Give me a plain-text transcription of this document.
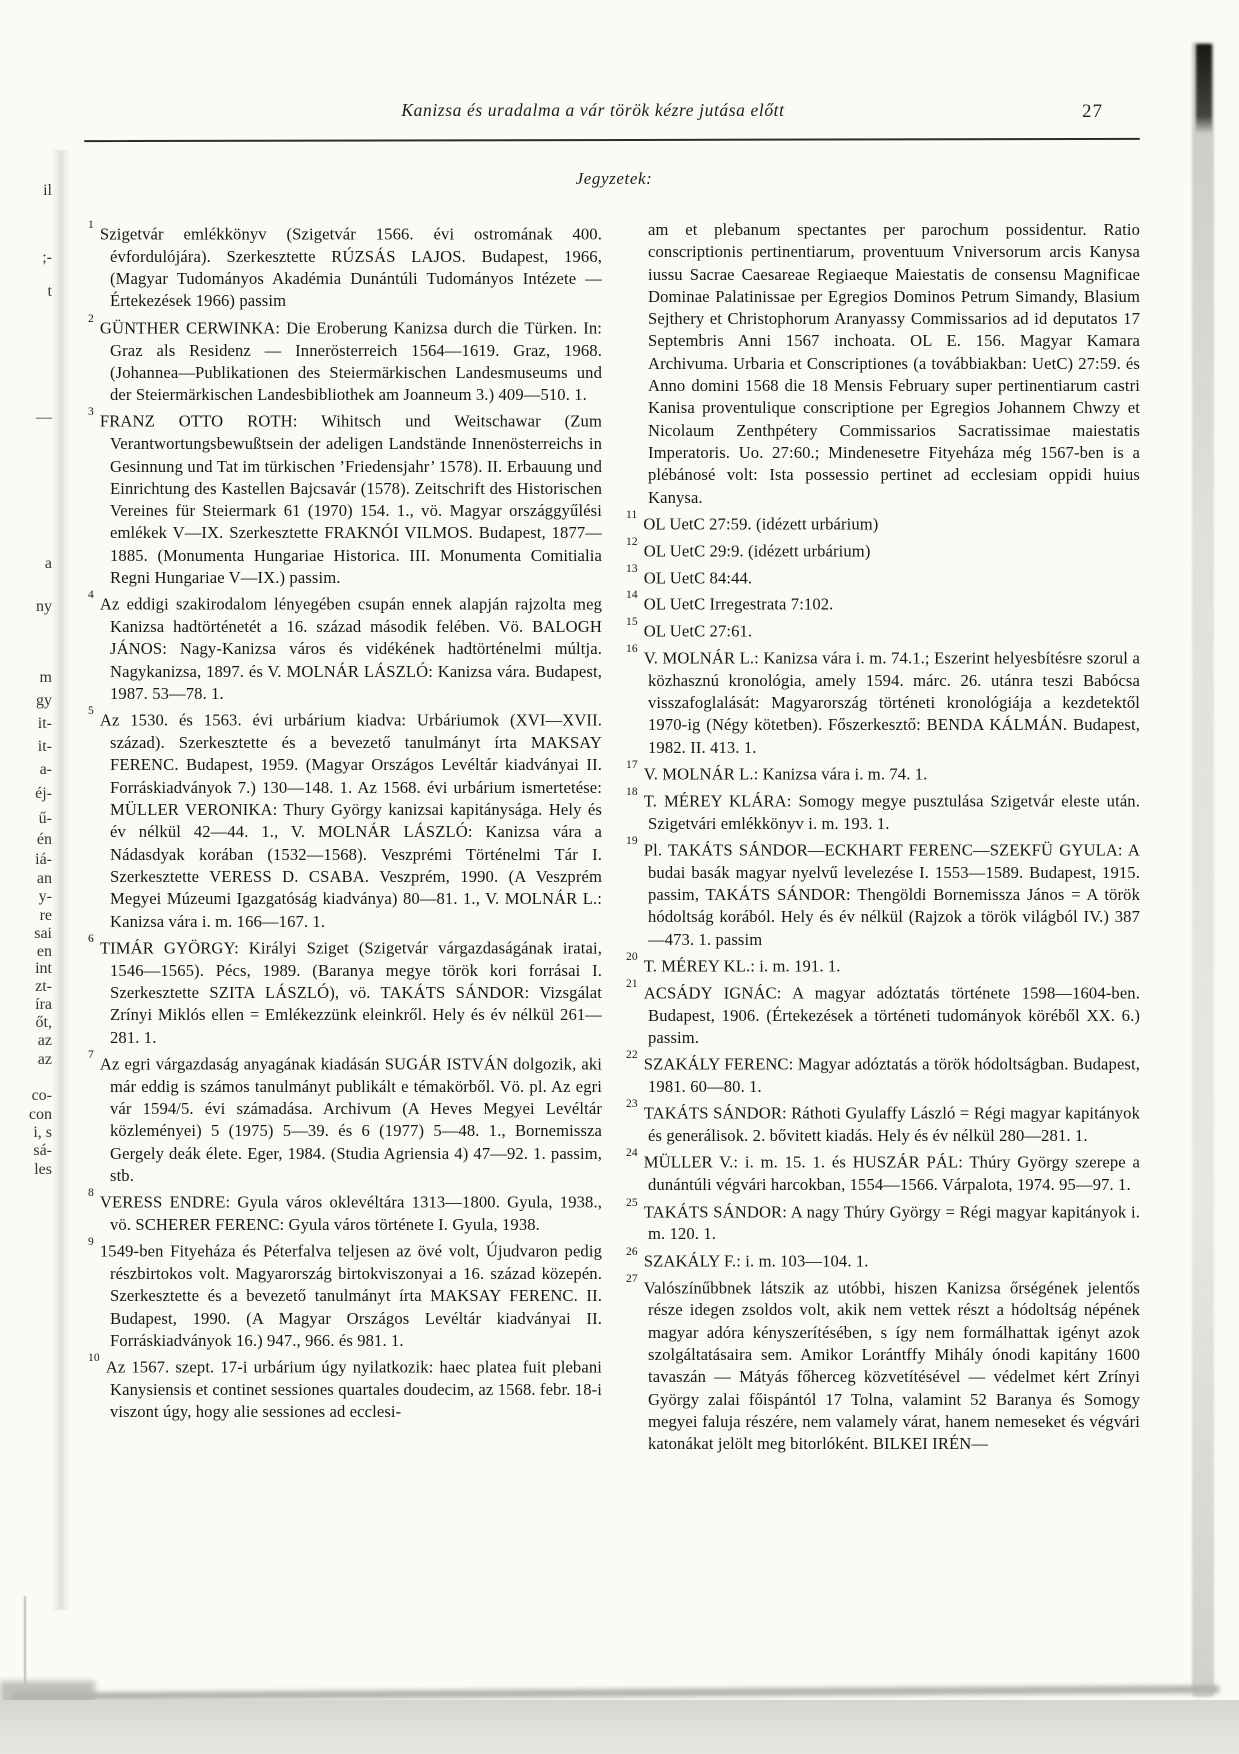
Kanizsa és uradalma a vár török kézre jutása előtt	27
Jegyzetek:

$^1$ Szigetvár emlékkönyv (Szigetvár 1566. évi ostromának 400. évfordulójára). Szerkesztette RÚZSÁS LAJOS. Budapest, 1966, (Magyar Tudományos Akadémia Dunántúli Tudományos Intézete — Értekezések 1966) passim

$^2$ GÜNTHER CERWINKA: Die Eroberung Kanizsa durch die Türken. In: Graz als Residenz — Innerösterreich 1564—1619. Graz, 1968. (Johannea—Publikationen des Steiermärkischen Landesmuseums und der Steiermärkischen Landesbibliothek am Joanneum 3.) 409—510. 1.

$^3$ FRANZ OTTO ROTH: Wihitsch und Weitschawar (Zum Verantwortungsbewußtsein der adeligen Landstände Innenösterreichs in Gesinnung und Tat im türkischen ’Friedensjahr’ 1578). II. Erbauung und Einrichtung des Kastellen Bajcsavár (1578). Zeitschrift des Historischen Vereines für Steiermark 61 (1970) 154. 1., vö. Magyar országgyűlési emlékek V—IX. Szerkesztette FRAKNÓI VILMOS. Budapest, 1877—1885. (Monumenta Hungariae Historica. III. Monumenta Comitialia Regni Hungariae V—IX.) passim.

$^4$ Az eddigi szakirodalom lényegében csupán ennek alapján rajzolta meg Kanizsa hadtörténetét a 16. század második felében. Vö. BALOGH JÁNOS: Nagy-Kanizsa város és vidékének hadtörténelmi múltja. Nagykanizsa, 1897. és V. MOLNÁR LÁSZLÓ: Kanizsa vára. Budapest, 1987. 53—78. 1.

$^5$ Az 1530. és 1563. évi urbárium kiadva: Urbáriumok (XVI—XVII. század). Szerkesztette és a bevezető tanulmányt írta MAKSAY FERENC. Budapest, 1959. (Magyar Országos Levéltár kiadványai II. Forráskiadványok 7.) 130—148. 1. Az 1568. évi urbárium ismertetése: MÜLLER VERONIKA: Thury György kanizsai kapitánysága. Hely és év nélkül 42—44. 1., V. MOLNÁR LÁSZLÓ: Kanizsa vára a Nádasdyak korában (1532—1568). Veszprémi Történelmi Tár I. Szerkesztette VERESS D. CSABA. Veszprém, 1990. (A Veszprém Megyei Múzeumi Igazgatóság kiadványa) 80—81. 1., V. MOLNÁR L.: Kanizsa vára i. m. 166—167. 1.

$^6$ TIMÁR GYÖRGY: Királyi Sziget (Szigetvár várgazdaságának iratai, 1546—1565). Pécs, 1989. (Baranya megye török kori forrásai I. Szerkesztette SZITA LÁSZLÓ), vö. TAKÁTS SÁNDOR: Vizsgálat Zrínyi Miklós ellen = Emlékezzünk eleinkről. Hely és év nélkül 261—281. 1.

$^7$ Az egri várgazdaság anyagának kiadásán SUGÁR ISTVÁN dolgozik, aki már eddig is számos tanulmányt publikált e témakörből. Vö. pl. Az egri vár 1594/5. évi számadása. Archivum (A Heves Megyei Levéltár közleményei) 5 (1975) 5—39. és 6 (1977) 5—48. 1., Bornemissza Gergely deák élete. Eger, 1984. (Studia Agriensia 4) 47—92. 1. passim, stb.

$^8$ VERESS ENDRE: Gyula város oklevéltára 1313—1800. Gyula, 1938., vö. SCHERER FERENC: Gyula város története I. Gyula, 1938.

$^9$ 1549-ben Fityeháza és Péterfalva teljesen az övé volt, Újudvaron pedig részbirtokos volt. Magyarország birtokviszonyai a 16. század közepén. Szerkesztette és a bevezető tanulmányt írta MAKSAY FERENC. II. Budapest, 1990. (A Magyar Országos Levéltár kiadványai II. Forráskiadványok 16.) 947., 966. és 981. 1.

$^{10}$ Az 1567. szept. 17-i urbárium úgy nyilatkozik: haec platea fuit plebani Kanysiensis et continet sessiones quartales doudecim, az 1568. febr. 18-i viszont úgy, hogy alie sessiones ad ecclesi-

am et plebanum spectantes per parochum possidentur. Ratio conscriptionis pertinentiarum, proventuum Vniversorum arcis Kanysa iussu Sacrae Caesareae Regiaeque Maiestatis de consensu Magnificae Dominae Palatinissae per Egregios Dominos Petrum Simandy, Blasium Sejthery et Christophorum Aranyassy Commissarios ad id deputatos 17 Septembris Anni 1567 inchoata. OL E. 156. Magyar Kamara Archivuma. Urbaria et Conscriptiones (a továbbiakban: UetC) 27:59. és Anno domini 1568 die 18 Mensis February super pertinentiarum castri Kanisa proventulique conscriptione per Egregios Johannem Chwzy et Nicolaum Zenthpétery Commissarios Sacratissimae maiestatis Imperatoris. Uo. 27:60.; Mindenesetre Fityeháza még 1567-ben is a plébánosé volt: Ista possessio pertinet ad ecclesiam oppidi huius Kanysa.

$^{11}$ OL UetC 27:59. (idézett urbárium)

$^{12}$ OL UetC 29:9. (idézett urbárium)

$^{13}$ OL UetC 84:44.

$^{14}$ OL UetC Irregestrata 7:102.

$^{15}$ OL UetC 27:61.

$^{16}$ V. MOLNÁR L.: Kanizsa vára i. m. 74.1.; Eszerint helyesbítésre szorul a közhasznú kronológia, amely 1594. márc. 26. utánra teszi Babócsa visszafoglalását: Magyarország történeti kronológiája a kezdetektől 1970-ig (Négy kötetben). Főszerkesztő: BENDA KÁLMÁN. Budapest, 1982. II. 413. 1.

$^{17}$ V. MOLNÁR L.: Kanizsa vára i. m. 74. 1.

$^{18}$ T. MÉREY KLÁRA: Somogy megye pusztulása Szigetvár eleste után. Szigetvári emlékkönyv i. m. 193. 1.

$^{19}$ Pl. TAKÁTS SÁNDOR—ECKHART FERENC—SZEKFÜ GYULA: A budai basák magyar nyelvű levelezése I. 1553—1589. Budapest, 1915. passim, TAKÁTS SÁNDOR: Thengöldi Bornemissza János = A török hódoltság korából. Hely és év nélkül (Rajzok a török világból IV.) 387—473. 1. passim

$^{20}$ T. MÉREY KL.: i. m. 191. 1.

$^{21}$ ACSÁDY IGNÁC: A magyar adóztatás története 1598—1604-ben. Budapest, 1906. (Értekezések a történeti tudományok köréből XX. 6.) passim.

$^{22}$ SZAKÁLY FERENC: Magyar adóztatás a török hódoltságban. Budapest, 1981. 60—80. 1.

$^{23}$ TAKÁTS SÁNDOR: Ráthoti Gyulaffy László = Régi magyar kapitányok és generálisok. 2. bővitett kiadás. Hely és év nélkül 280—281. 1.

$^{24}$ MÜLLER V.: i. m. 15. 1. és HUSZÁR PÁL: Thúry György szerepe a dunántúli végvári harcokban, 1554—1566. Várpalota, 1974. 95—97. 1.

$^{25}$ TAKÁTS SÁNDOR: A nagy Thúry György = Régi magyar kapitányok i. m. 120. 1.

$^{26}$ SZAKÁLY F.: i. m. 103—104. 1.

$^{27}$ Valószínűbbnek látszik az utóbbi, hiszen Kanizsa őrségének jelentős része idegen zsoldos volt, akik nem vettek részt a hódoltság népének magyar adóra kényszerítésében, s így nem formálhattak igényt azok szolgáltatásaira sem. Amikor Lorántffy Mihály ónodi kapitány 1600 tavaszán — Mátyás főherceg közvetítésével — védelmet kért Zrínyi György zalai főispántól 17 Tolna, valamint 52 Baranya és Somogy megyei faluja részére, nem valamely várat, hanem nemeseket és végvári katonákat jelölt meg bitorlóként. BILKEI IRÉN—

il
;-
t
—
a
ny
m
gy
it-
it-
a-
éj-
ű-
én
iá-
an
y-
re
sai
en
int
zt-
íra
őt,
az
az
co-
con
i, s
sá-
les
